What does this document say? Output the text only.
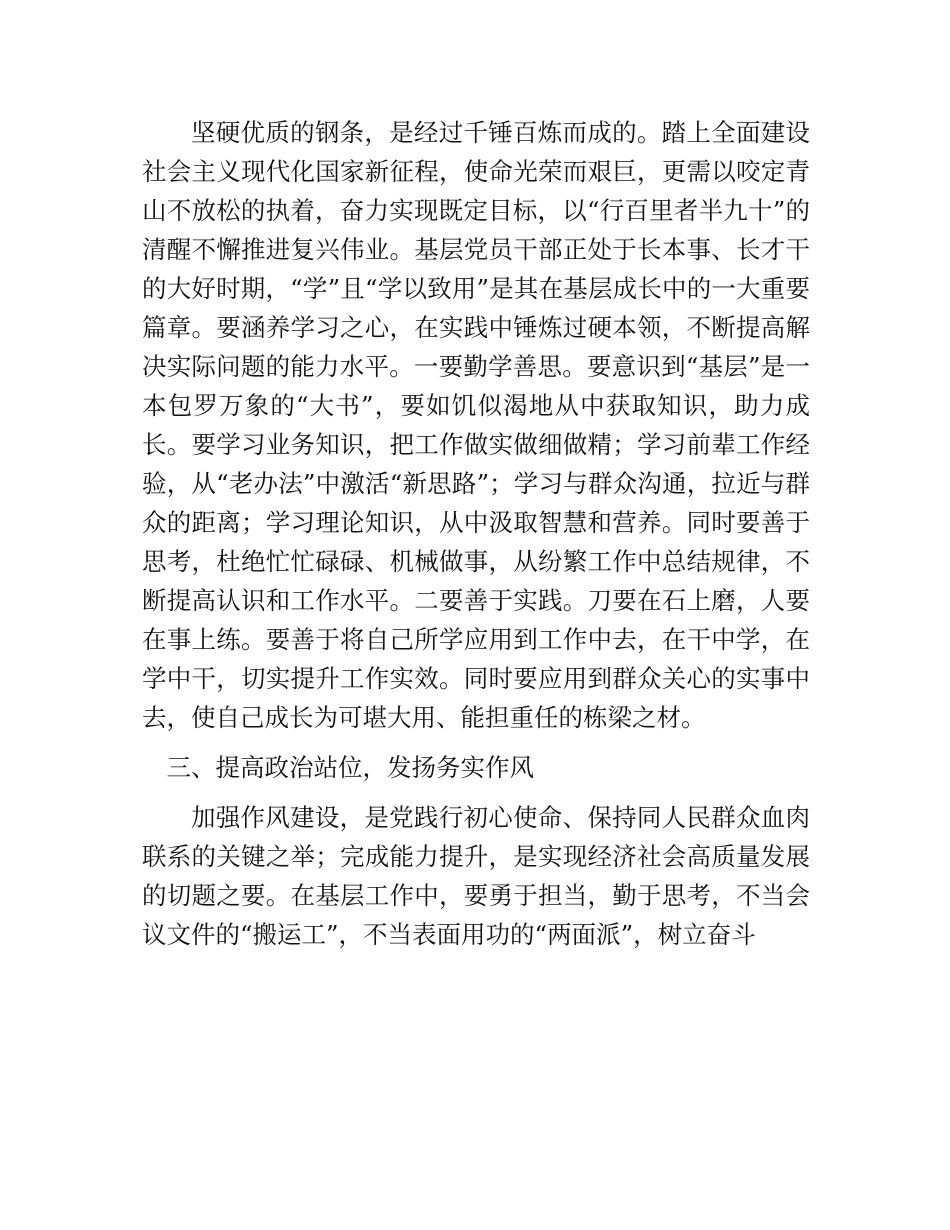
坚硬优质的钢条，是经过千锤百炼而成的。踏上全面建设社会主义现代化国家新征程，使命光荣而艰巨，更需以咬定青山不放松的执着，奋力实现既定目标，以“行百里者半九十”的清醒不懈推进复兴伟业。基层党员干部正处于长本事、长才干的大好时期，“学”且“学以致用”是其在基层成长中的一大重要篇章。要涵养学习之心，在实践中锤炼过硬本领，不断提高解决实际问题的能力水平。一要勤学善思。要意识到“基层”是一本包罗万象的“大书”，要如饥似渴地从中获取知识，助力成长。要学习业务知识，把工作做实做细做精；学习前辈工作经验，从“老办法”中激活“新思路”；学习与群众沟通，拉近与群众的距离；学习理论知识，从中汲取智慧和营养。同时要善于思考，杜绝忙忙碌碌、机械做事，从纷繁工作中总结规律，不断提高认识和工作水平。二要善于实践。刀要在石上磨，人要在事上练。要善于将自己所学应用到工作中去，在干中学，在学中干，切实提升工作实效。同时要应用到群众关心的实事中去，使自己成长为可堪大用、能担重任的栋梁之材。

三、提高政治站位，发扬务实作风

加强作风建设，是党践行初心使命、保持同人民群众血肉联系的关键之举；完成能力提升，是实现经济社会高质量发展的切题之要。在基层工作中，要勇于担当，勤于思考，不当会议文件的“搬运工”，不当表面用功的“两面派”，树立奋斗
